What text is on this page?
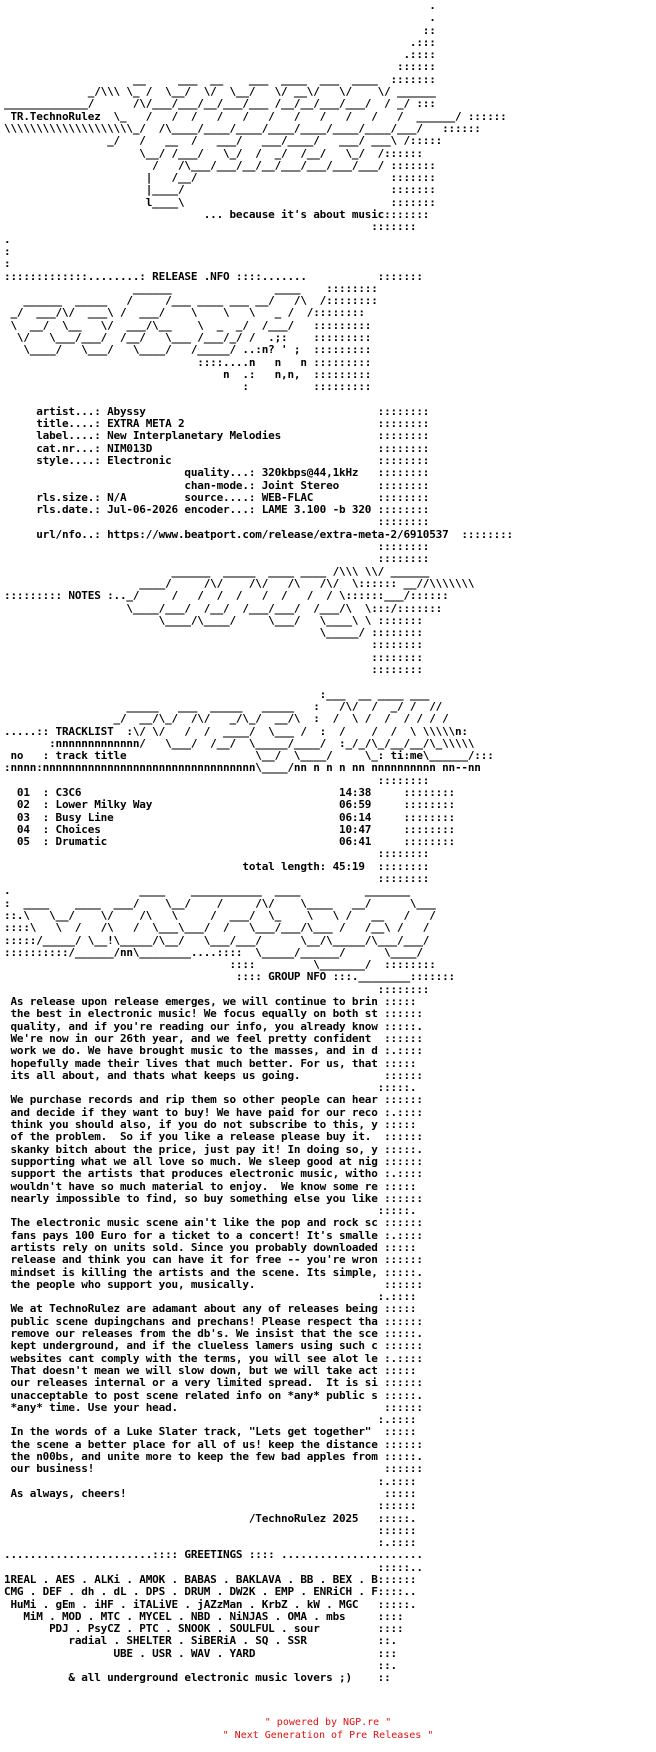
.
.
::
.:::
.::::
::::::
__     ___  __    ___  ____  ___  ____  :::::::
_/\\\ \_ /  \__/  \/  \__/   \/ __\/   \/    \/ ______
_____________/      /\/___/___/__/___/___ /__/__/___/___/  / _/ :::
TR.TechnoRulez  \_   /   /  /   /   /   /   /   /   /   /   /  ______/ ::::::
\\\\\\\\\\\\\\\\\\\\_/  /\____/____/____/____/____/____/____/___/   ::::::
_/   /   __  /   ___/   ___/____/   ___/ ___\ /:::::
\__/ /___/   \_/  /  _/  /__/   \_/  /::::::
/   /\___/___/__/__/___/___/___/___/ :::::::
|   /__/                              :::::::
|____/                                :::::::
l____\                                :::::::
... because it's about music:::::::
:::::::
.
:
:
:::::::::::::........: RELEASE .NFO ::::.......           :::::::
______                ____    ::::::::
______  _____   /     /___ ____ ___ __/   /\  /::::::::
_/  ___/\/  ___\ /  ___/    \    \   \   _ /  /::::::::
\  __/  \__   \/  ___/\__    \  _  _/  /___/   :::::::::
\/   \___/___/  /__/   \___ /___/_/ /  .;:    :::::::::
\____/   \___/   \____/   /_____/ ..:n? ' ;  :::::::::
::::....n   n   n :::::::::
n  .:   n,n,  :::::::::
:          :::::::::

artist...: Abyssy                                    ::::::::
title....: EXTRA META 2                              ::::::::
label....: New Interplanetary Melodies               ::::::::
cat.nr...: NIM013D                                   ::::::::
style....: Electronic                                ::::::::
quality...: 320kbps@44,1kHz   ::::::::
chan-mode.: Joint Stereo      ::::::::
rls.size.: N/A         source....: WEB-FLAC          ::::::::
rls.date.: Jul-06-2026 encoder...: LAME 3.100 -b 320 ::::::::
::::::::
url/nfo..: https://www.beatport.com/release/extra-meta-2/6910537  ::::::::
::::::::
::::::::
______  _____  ____ ____ /\\\ \\/ ______
____/     /\/    /\/   /\   /\/  \:::::: __//\\\\\\\
::::::::: NOTES :.._/     /   /  /  /   /  /   /  / \::::::___/::::::
\____/___/  /__/  /___/___/  /___/\  \:::/:::::::
\____/\____/     \___/   \____\ \ :::::::
\_____/ ::::::::
::::::::
::::::::
::::::::

:___  __ ____ ___
_____   ___  _____   _____   :   /\/  /  _/ /  //
_/  __/\_/  /\/   _/\_/  __/\  :  /  \ /  /  / / / /
.....:: TRACKLIST  :\/ \/   /  /  ____/  \___ /  :  /    /  /  \ \\\\\n:
:nnnnnnnnnnnnn/   \___/  /__/  \_____/____/  :_/_/\_/__/__/\_\\\\\
no   : track title                    \__/  \____/     \_: ti:me\______/:::
:nnnn:nnnnnnnnnnnnnnnnnnnnnnnnnnnnnnnnn\____/nn n n n nn nnnnnnnnnn nn--nn
::::::::
01  : C3C6                                        14:38     ::::::::
02  : Lower Milky Way                             06:59     ::::::::
03  : Busy Line                                   06:14     ::::::::
04  : Choices                                     10:47     ::::::::
05  : Drumatic                                    06:41     ::::::::
::::::::
total length: 45:19  ::::::::
::::::::
.                    ____    ___________  ____          _______
:  ____    ____  ___/    \__/    /     /\/    \____   __/      \___
::.\   \__/    \/    /\   \     /  ___/  \_    \   \ /   __   /   /
::::\   \  /   /\   /  \___\___/  /   \___/___/\___ /   /__\ /   /
:::::/_____/ \__!\_____/\__/   \___/___/      \__/\_____/\___/___/
::::::::::/______/nn\________....::::  \_____/______/      \____/
::::         \_______/  ::::::::
:::: GROUP NFO :::.________:::::::
::::::::
As release upon release emerges, we will continue to brin :::::
the best in electronic music! We focus equally on both st ::::::
quality, and if you're reading our info, you already know :::::.
We're now in our 26th year, and we feel pretty confident  ::::::
work we do. We have brought music to the masses, and in d :.::::
hopefully made their lives that much better. For us, that :::::
its all about, and thats what keeps us going.             ::::::
:::::.
We purchase records and rip them so other people can hear ::::::
and decide if they want to buy! We have paid for our reco :.::::
think you should also, if you do not subscribe to this, y :::::
of the problem.  So if you like a release please buy it.  ::::::
skanky bitch about the price, just pay it! In doing so, y :::::.
supporting what we all love so much. We sleep good at nig ::::::
support the artists that produces electronic music, witho :.::::
wouldn't have so much material to enjoy.  We know some re :::::
nearly impossible to find, so buy something else you like ::::::
:::::.
The electronic music scene ain't like the pop and rock sc ::::::
fans pays 100 Euro for a ticket to a concert! It's smalle :.::::
artists rely on units sold. Since you probably downloaded :::::
release and think you can have it for free -- you're wron ::::::
mindset is killing the artists and the scene. Its simple, :::::.
the people who support you, musically.                    ::::::
:.::::
We at TechnoRulez are adamant about any of releases being :::::
public scene dupingchans and prechans! Please respect tha ::::::
remove our releases from the db's. We insist that the sce :::::.
kept underground, and if the clueless lamers using such c ::::::
websites cant comply with the terms, you will see alot le :.::::
That doesn't mean we will slow down, but we will take act :::::
our releases internal or a very limited spread.  It is si ::::::
unacceptable to post scene related info on *any* public s :::::.
*any* time. Use your head.                                ::::::
:.::::
In the words of a Luke Slater track, "Lets get together"  :::::
the scene a better place for all of us! keep the distance ::::::
the n00bs, and unite more to keep the few bad apples from :::::.
our business!                                             ::::::
:.::::
As always, cheers!                                        :::::
::::::
/TechnoRulez 2025   :::::.
::::::
:.::::
.......................:::: GREETINGS :::: ......................
:::::..
1REAL . AES . ALKi . AMOK . BABAS . BAKLAVA . BB . BEX . B::::::
CMG . DEF . dh . dL . DPS . DRUM . DW2K . EMP . ENRiCH . F::::..
HuMi . gEm . iHF . iTALiVE . jAZzMan . KrbZ . kW . MGC   :::::.
MiM . MOD . MTC . MYCEL . NBD . NiNJAS . OMA . mbs     ::::
PDJ . PsyCZ . PTC . SNOOK . SOULFUL . sour         ::::
radial . SHELTER . SiBERiA . SQ . SSR           ::.
UBE . USR . WAV . YARD                   :::
::.
& all underground electronic music lovers ;)    ::

" powered by NGP.re "
" Next Generation of Pre Releases "
